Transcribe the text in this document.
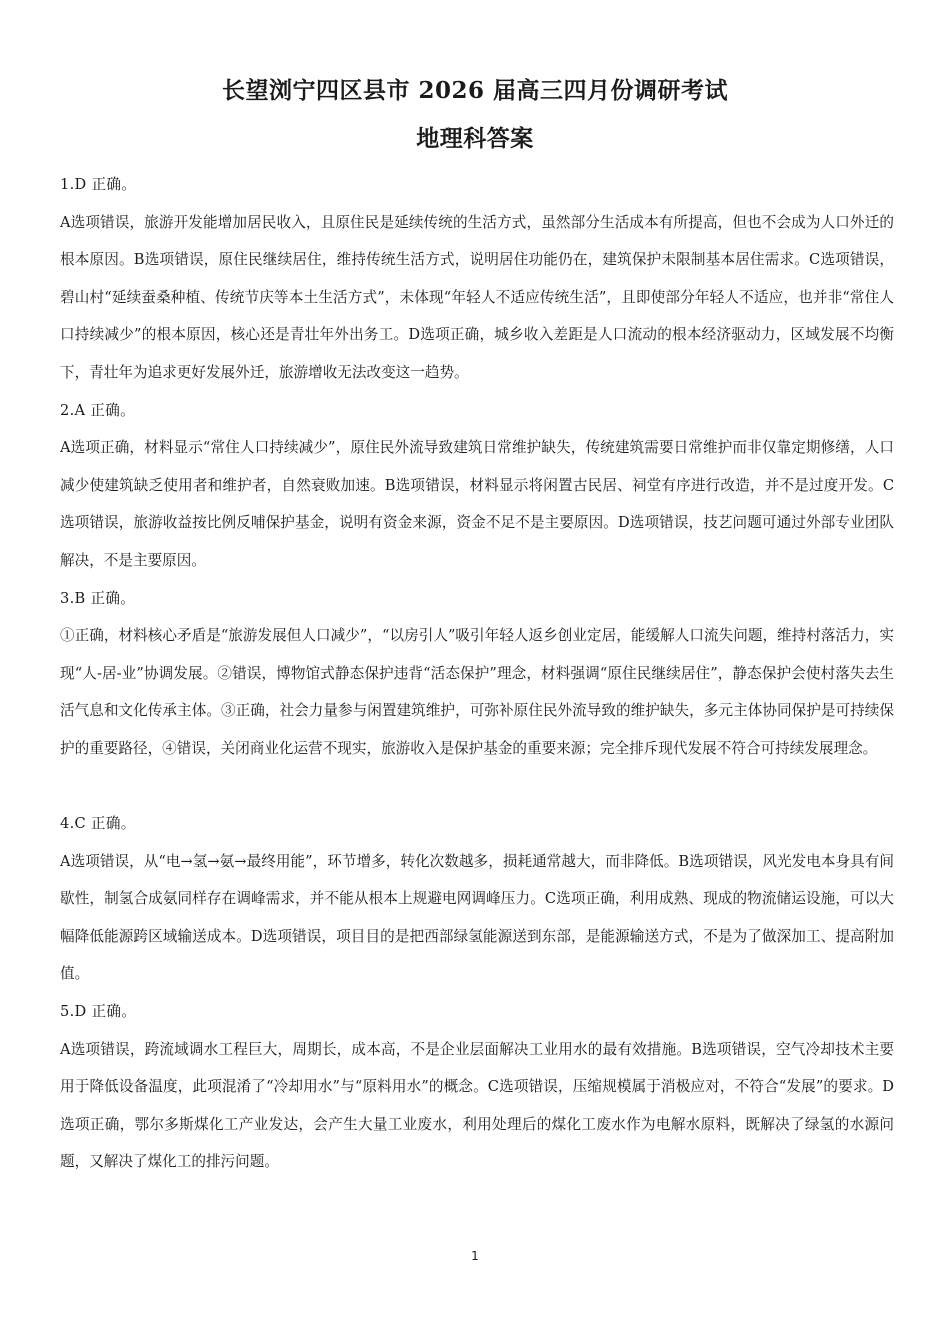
长望浏宁四区县市 2026 届高三四月份调研考试
地理科答案

1.D 正确。

A选项错误，旅游开发能增加居民收入，且原住民是延续传统的生活方式，虽然部分生活成本有所提高，但也不会成为人口外迁的根本原因。B选项错误，原住民继续居住，维持传统生活方式，说明居住功能仍在，建筑保护未限制基本居住需求。C选项错误，碧山村“延续蚕桑种植、传统节庆等本土生活方式”，未体现“年轻人不适应传统生活”，且即使部分年轻人不适应，也并非“常住人口持续减少”的根本原因，核心还是青壮年外出务工。D选项正确，城乡收入差距是人口流动的根本经济驱动力，区域发展不均衡下，青壮年为追求更好发展外迁，旅游增收无法改变这一趋势。

2.A 正确。

A选项正确，材料显示“常住人口持续减少”，原住民外流导致建筑日常维护缺失，传统建筑需要日常维护而非仅靠定期修缮，人口减少使建筑缺乏使用者和维护者，自然衰败加速。B选项错误，材料显示将闲置古民居、祠堂有序进行改造，并不是过度开发。C选项错误，旅游收益按比例反哺保护基金，说明有资金来源，资金不足不是主要原因。D选项错误，技艺问题可通过外部专业团队解决，不是主要原因。

3.B 正确。

①正确，材料核心矛盾是“旅游发展但人口减少”，“以房引人”吸引年轻人返乡创业定居，能缓解人口流失问题，维持村落活力，实现“人-居-业”协调发展。②错误，博物馆式静态保护违背“活态保护”理念，材料强调“原住民继续居住”，静态保护会使村落失去生活气息和文化传承主体。③正确，社会力量参与闲置建筑维护，可弥补原住民外流导致的维护缺失，多元主体协同保护是可持续保护的重要路径，④错误，关闭商业化运营不现实，旅游收入是保护基金的重要来源；完全排斥现代发展不符合可持续发展理念。

4.C 正确。

A选项错误，从“电→氢→氨→最终用能”，环节增多，转化次数越多，损耗通常越大，而非降低。B选项错误，风光发电本身具有间歇性，制氢合成氨同样存在调峰需求，并不能从根本上规避电网调峰压力。C选项正确，利用成熟、现成的物流储运设施，可以大幅降低能源跨区域输送成本。D选项错误，项目目的是把西部绿氢能源送到东部，是能源输送方式，不是为了做深加工、提高附加值。

5.D 正确。

A选项错误，跨流域调水工程巨大，周期长，成本高，不是企业层面解决工业用水的最有效措施。B选项错误，空气冷却技术主要用于降低设备温度，此项混淆了“冷却用水”与“原料用水”的概念。C选项错误，压缩规模属于消极应对，不符合“发展”的要求。D选项正确，鄂尔多斯煤化工产业发达，会产生大量工业废水，利用处理后的煤化工废水作为电解水原料，既解决了绿氢的水源问题，又解决了煤化工的排污问题。

1
